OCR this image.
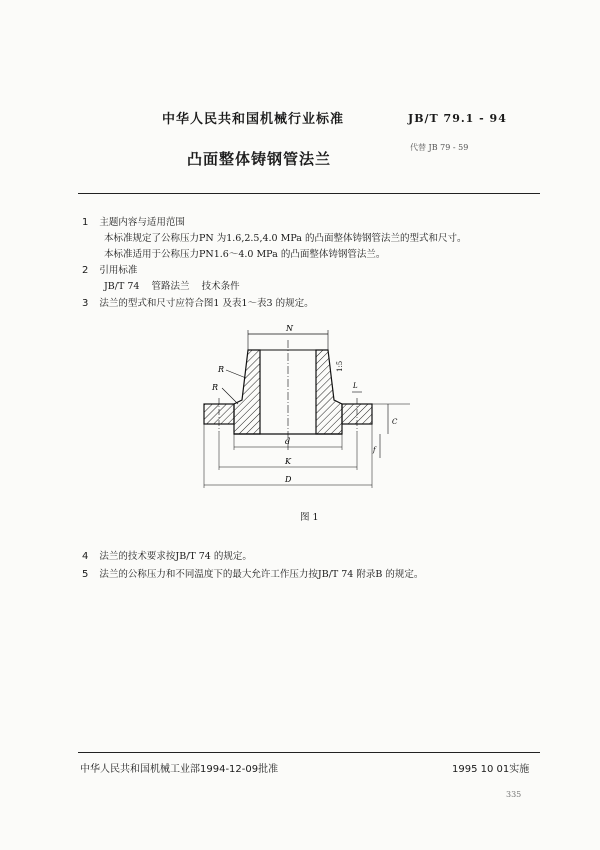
中华人民共和国机械行业标准	JB/T 79.1 - 94
代替 JB 79 - 59
凸面整体铸钢管法兰
1 主题内容与适用范围
本标准规定了公称压力PN 为1.6,2.5,4.0 MPa 的凸面整体铸钢管法兰的型式和尺寸。
本标准适用于公称压力PN1.6～4.0 MPa 的凸面整体铸钢管法兰。
2 引用标准
JB/T 74    管路法兰    技术条件
3 法兰的型式和尺寸应符合图1 及表1～表3 的规定。
N
1:5
R
R	L
C
f
d
K
D
图 1
4 法兰的技术要求按JB/T 74 的规定。
5 法兰的公称压力和不同温度下的最大允许工作压力按JB/T 74 附录B 的规定。
中华人民共和国机械工业部1994-12-09批准	1995 10 01实施
335
